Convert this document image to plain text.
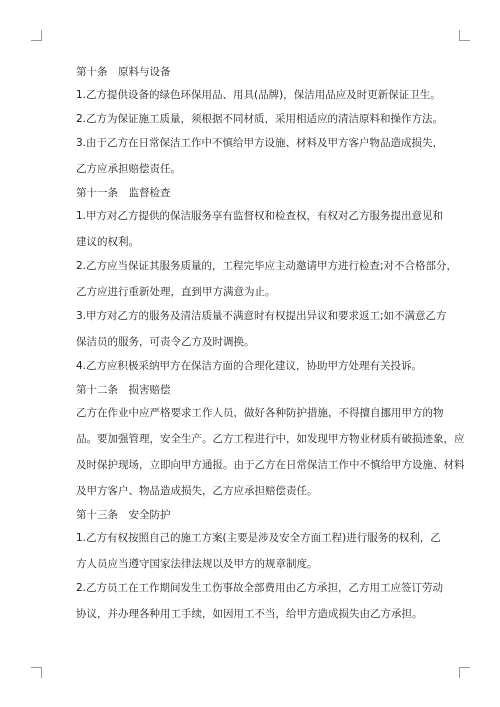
第十条　原料与设备

1.乙方提供设备的绿色环保用品、用具(品牌)，保洁用品应及时更新保证卫生。

2.乙方为保证施工质量，须根据不同材质，采用相适应的清洁原料和操作方法。

3.由于乙方在日常保洁工作中不慎给甲方设施、材料及甲方客户物品造成损失，

乙方应承担赔偿责任。

第十一条　监督检查

1.甲方对乙方提供的保洁服务享有监督权和检查权，有权对乙方服务提出意见和

建议的权利。

2.乙方应当保证其服务质量的，工程完毕应主动邀请甲方进行检查;对不合格部分，

乙方应进行重新处理，直到甲方满意为止。

3.甲方对乙方的服务及清洁质量不满意时有权提出异议和要求返工;如不满意乙方

保洁员的服务，可责令乙方及时调换。

4.乙方应积极采纳甲方在保洁方面的合理化建议，协助甲方处理有关投诉。

第十二条　损害赔偿

乙方在作业中应严格要求工作人员，做好各种防护措施，不得擅自挪用甲方的物

品。要加强管理，安全生产。乙方工程进行中，如发现甲方物业材质有破损迹象，应

及时保护现场，立即向甲方通报。由于乙方在日常保洁工作中不慎给甲方设施、材料

及甲方客户、物品造成损失，乙方应承担赔偿责任。

第十三条　安全防护

1.乙方有权按照自己的施工方案(主要是涉及安全方面工程)进行服务的权利，乙

方人员应当遵守国家法律法规以及甲方的规章制度。

2.乙方员工在工作期间发生工伤事故全部费用由乙方承担，乙方用工应签订劳动

协议，并办理各种用工手续，如因用工不当，给甲方造成损失由乙方承担。
